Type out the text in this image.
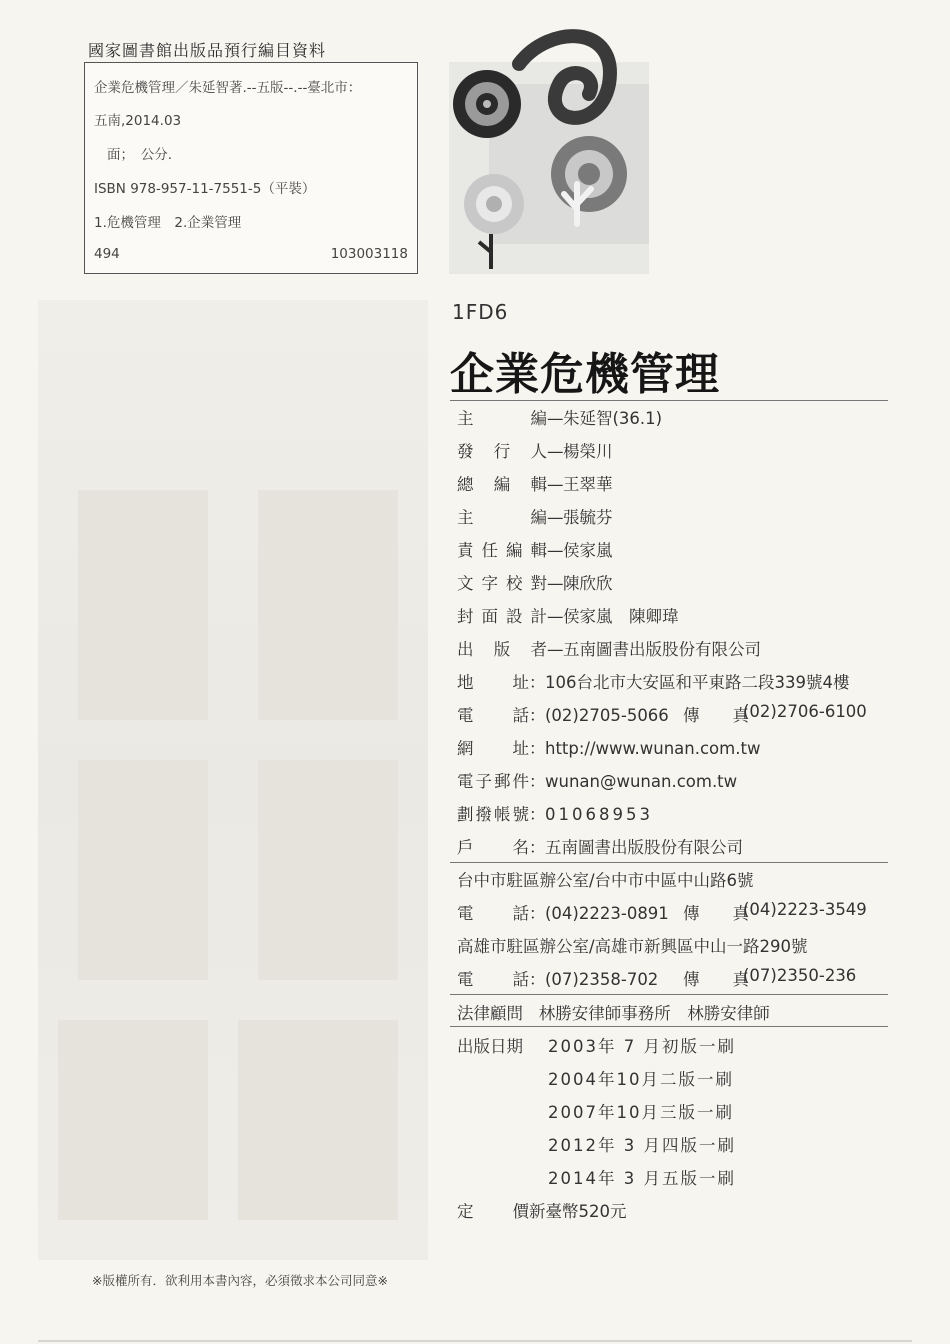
國家圖書館出版品預行編目資料
企業危機管理／朱延智著.--五版--.--臺北市：
五南,2014.03
面；　公分.
ISBN 978-957-11-7551-5（平裝）
1.危機管理　2.企業管理
494	103003118
1FD6
企業危機管理
主編—朱延智(36.1)
發行人—楊榮川
總編輯—王翠華
主編—張毓芬
責任編輯—侯家嵐
文字校對—陳欣欣
封面設計—侯家嵐　陳卿瑋
出版者—五南圖書出版股份有限公司
地址：106台北市大安區和平東路二段339號4樓
電話：(02)2705-5066 傳　　真
(02)2706-6100
網址：http://www.wunan.com.tw
電子郵件：wunan@wunan.com.tw
劃撥帳號：01068953
戶名：五南圖書出版股份有限公司
台中市駐區辦公室/台中市中區中山路6號
電話：(04)2223-0891 傳　　真
(04)2223-3549
高雄市駐區辦公室/高雄市新興區中山一路290號
電話：(07)2358-702 傳　　真
(07)2350-236
法律顧問 林勝安律師事務所　林勝安律師
出版日期 2003年 7 月初版一刷
2004年10月二版一刷
2007年10月三版一刷
2012年 3 月四版一刷
2014年 3 月五版一刷
定價新臺幣520元
※版權所有．欲利用本書內容，必須徵求本公司同意※
